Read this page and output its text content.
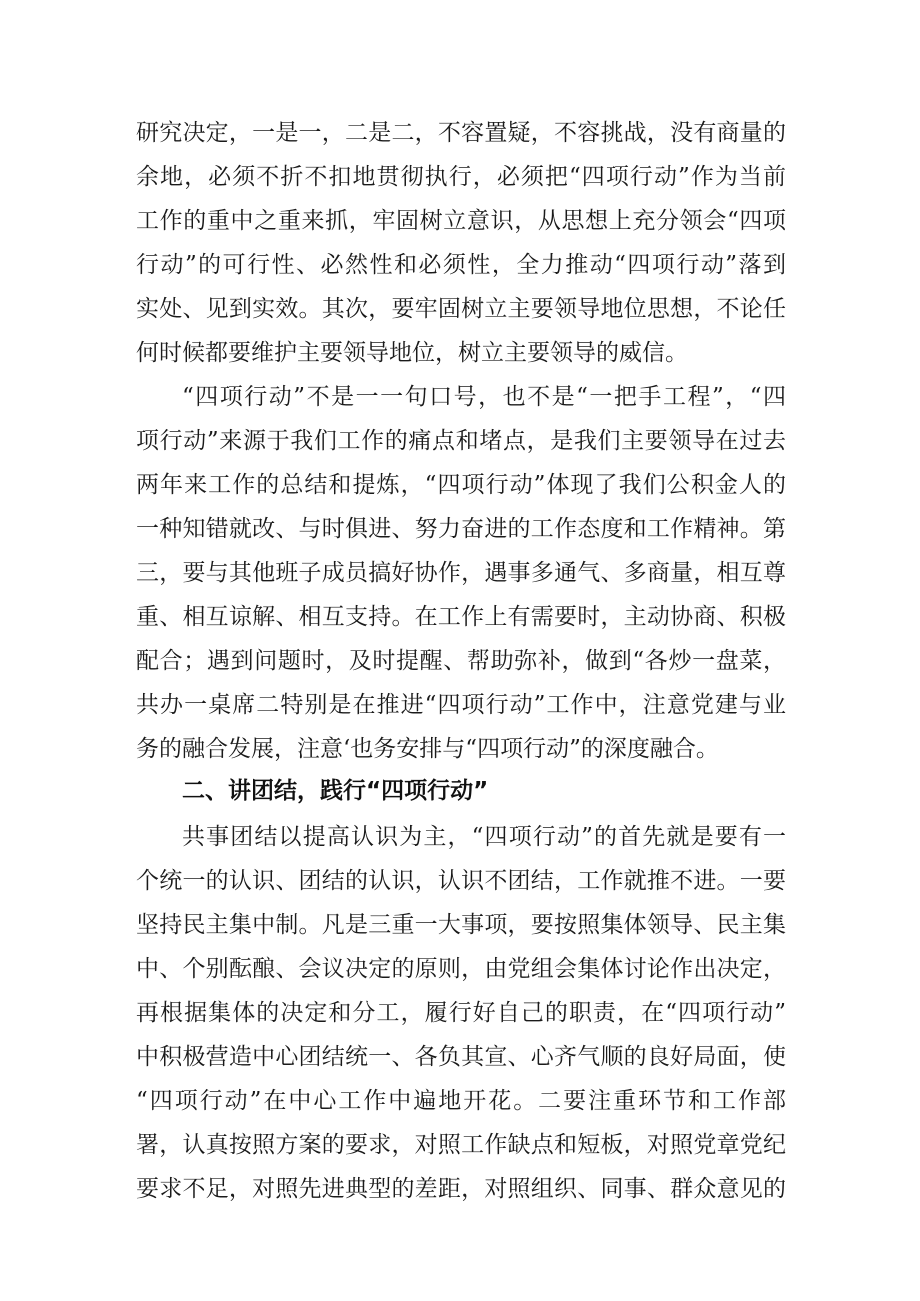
研究决定，一是一，二是二，不容置疑，不容挑战，没有商量的
余地，必须不折不扣地贯彻执行，必须把“四项行动”作为当前
工作的重中之重来抓，牢固树立意识，从思想上充分领会“四项
行动”的可行性、必然性和必须性，全力推动“四项行动”落到
实处、见到实效。其次，要牢固树立主要领导地位思想，不论任
何时候都要维护主要领导地位，树立主要领导的威信。
“四项行动”不是一一句口号，也不是“一把手工程”，“四
项行动”来源于我们工作的痛点和堵点，是我们主要领导在过去
两年来工作的总结和提炼，“四项行动”体现了我们公积金人的
一种知错就改、与时俱进、努力奋进的工作态度和工作精神。第
三，要与其他班子成员搞好协作，遇事多通气、多商量，相互尊
重、相互谅解、相互支持。在工作上有需要时，主动协商、积极
配合；遇到问题时，及时提醒、帮助弥补，做到“各炒一盘菜，
共办一桌席二特别是在推进“四项行动”工作中，注意党建与业
务的融合发展，注意‘也务安排与“四项行动”的深度融合。
二、讲团结，践行“四项行动”
共事团结以提高认识为主，“四项行动”的首先就是要有一
个统一的认识、团结的认识，认识不团结，工作就推不进。一要
坚持民主集中制。凡是三重一大事项，要按照集体领导、民主集
中、个别酝酿、会议决定的原则，由党组会集体讨论作出决定，
再根据集体的决定和分工，履行好自己的职责，在“四项行动”
中积极营造中心团结统一、各负其宣、心齐气顺的良好局面，使
“四项行动”在中心工作中遍地开花。二要注重环节和工作部
署，认真按照方案的要求，对照工作缺点和短板，对照党章党纪
要求不足，对照先进典型的差距，对照组织、同事、群众意见的
